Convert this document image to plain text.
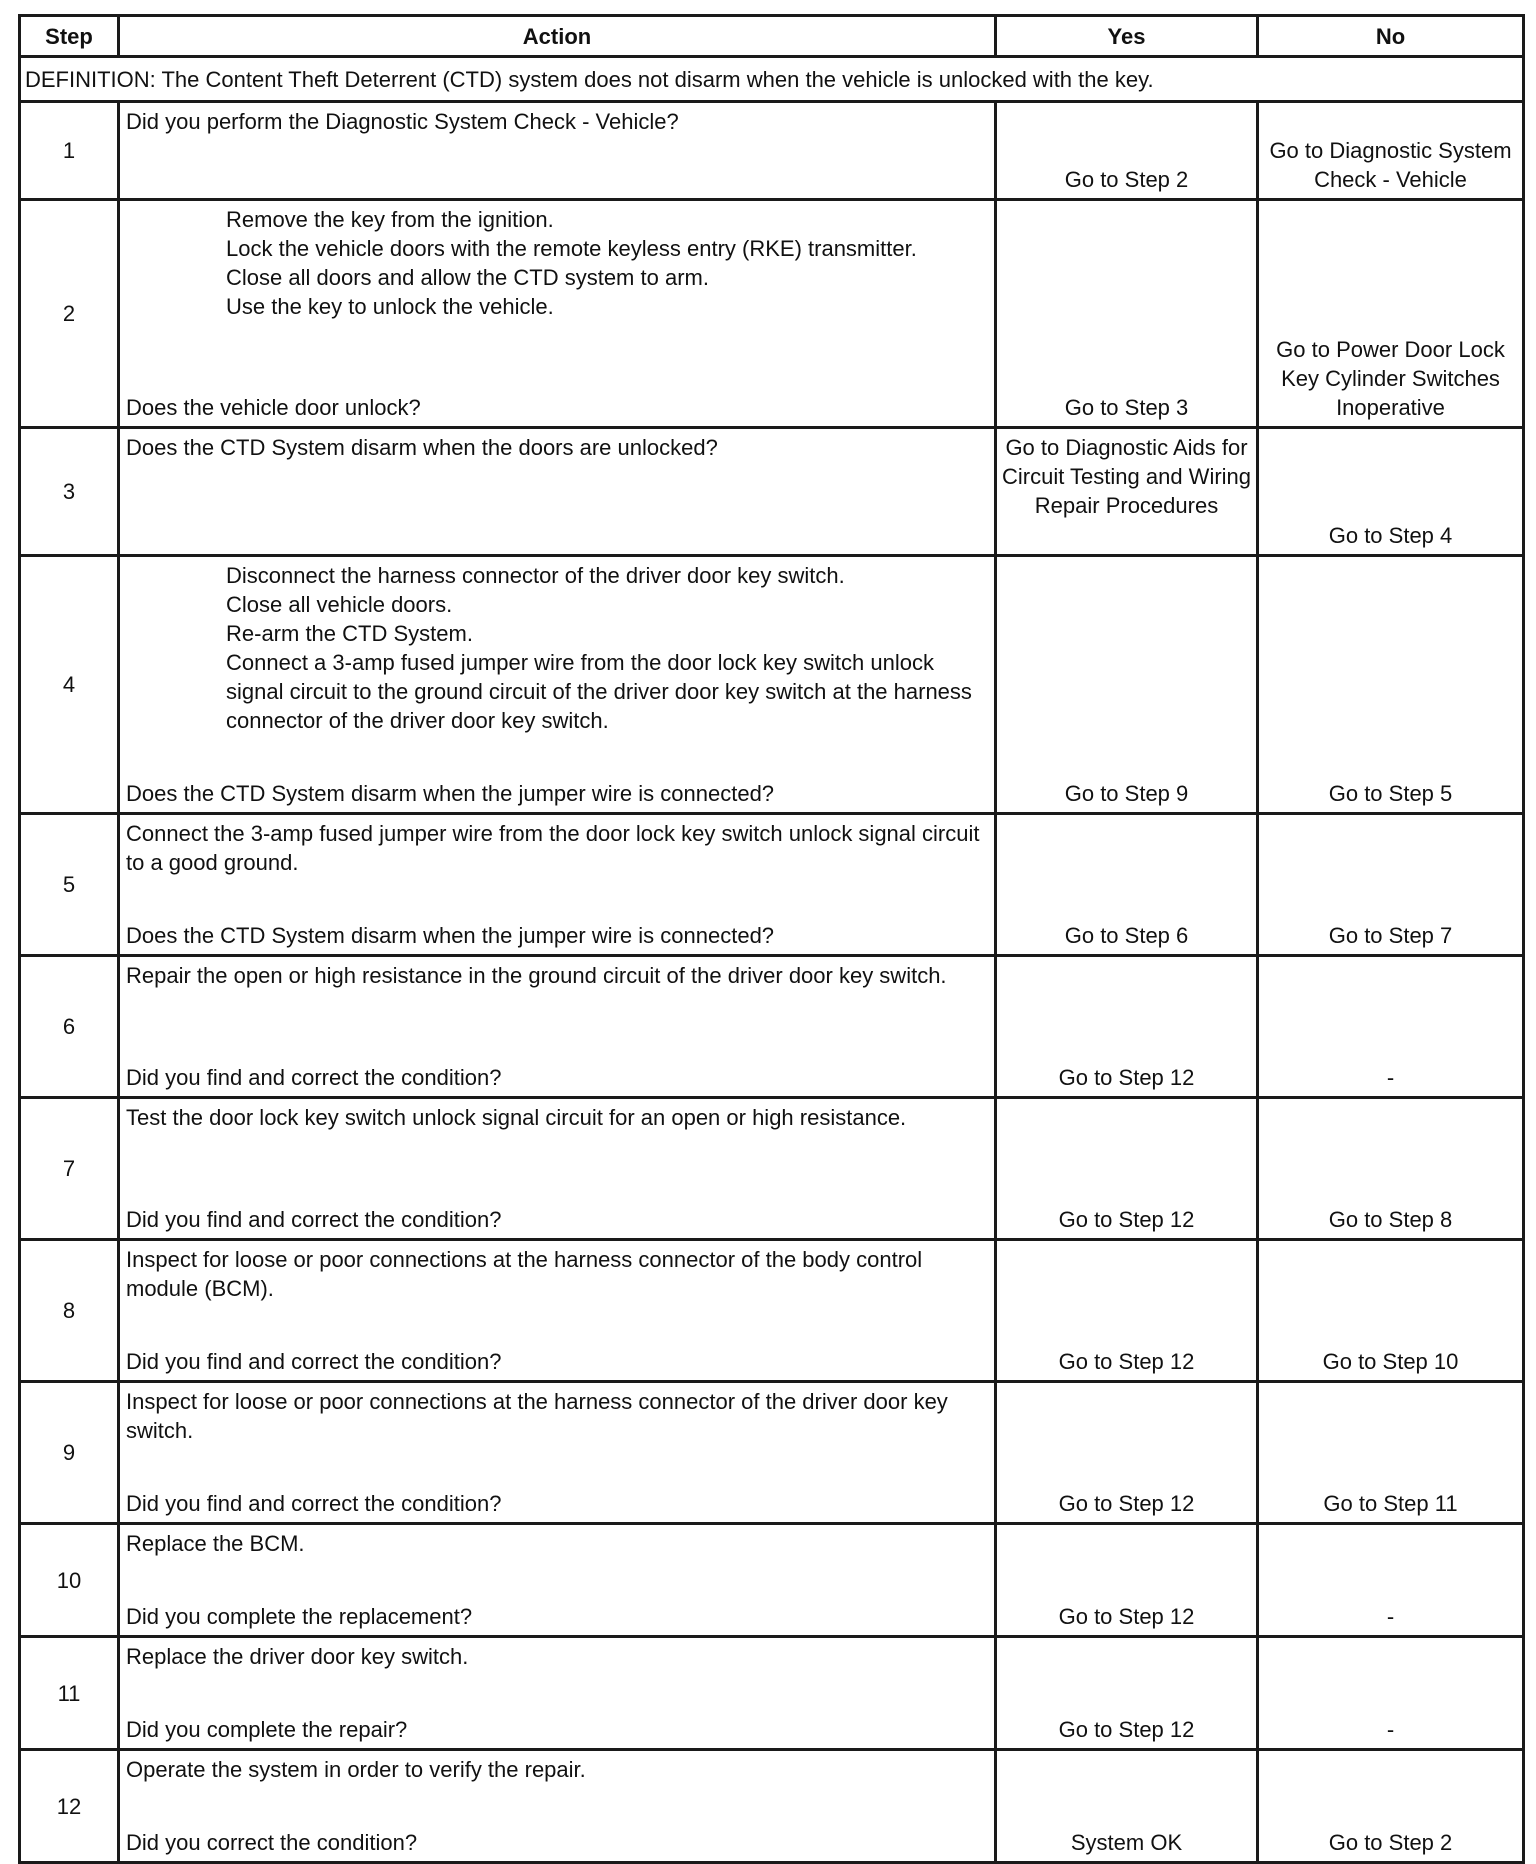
Step	Action	Yes	No
DEFINITION: The Content Theft Deterrent (CTD) system does not disarm when the vehicle is unlocked with the key.			
1	Did you perform the Diagnostic System Check - Vehicle?	Go to Step 2	Go to Diagnostic System Check - Vehicle
2	Remove the key from the ignition.

Lock the vehicle doors with the remote keyless entry (RKE) transmitter.

Close all doors and allow the CTD system to arm.

Use the key to unlock the vehicle.

Does the vehicle door unlock?	Go to Step 3	Go to Power Door Lock Key Cylinder Switches Inoperative
3	Does the CTD System disarm when the doors are unlocked?	Go to Diagnostic Aids for Circuit Testing and Wiring Repair Procedures	Go to Step 4
4	Disconnect the harness connector of the driver door key switch.

Close all vehicle doors.

Re-arm the CTD System.

Connect a 3-amp fused jumper wire from the door lock key switch unlock signal circuit to the ground circuit of the driver door key switch at the harness connector of the driver door key switch.

Does the CTD System disarm when the jumper wire is connected?	Go to Step 9	Go to Step 5
5	Connect the 3-amp fused jumper wire from the door lock key switch unlock signal circuit to a good ground.

Does the CTD System disarm when the jumper wire is connected?	Go to Step 6	Go to Step 7
6	Repair the open or high resistance in the ground circuit of the driver door key switch.

Did you find and correct the condition?	Go to Step 12	-
7	Test the door lock key switch unlock signal circuit for an open or high resistance.

Did you find and correct the condition?	Go to Step 12	Go to Step 8
8	Inspect for loose or poor connections at the harness connector of the body control module (BCM).

Did you find and correct the condition?	Go to Step 12	Go to Step 10
9	Inspect for loose or poor connections at the harness connector of the driver door key switch.

Did you find and correct the condition?	Go to Step 12	Go to Step 11
10	Replace the BCM.

Did you complete the replacement?	Go to Step 12	-
11	Replace the driver door key switch.

Did you complete the repair?	Go to Step 12	-
12	Operate the system in order to verify the repair.

Did you correct the condition?	System OK	Go to Step 2
